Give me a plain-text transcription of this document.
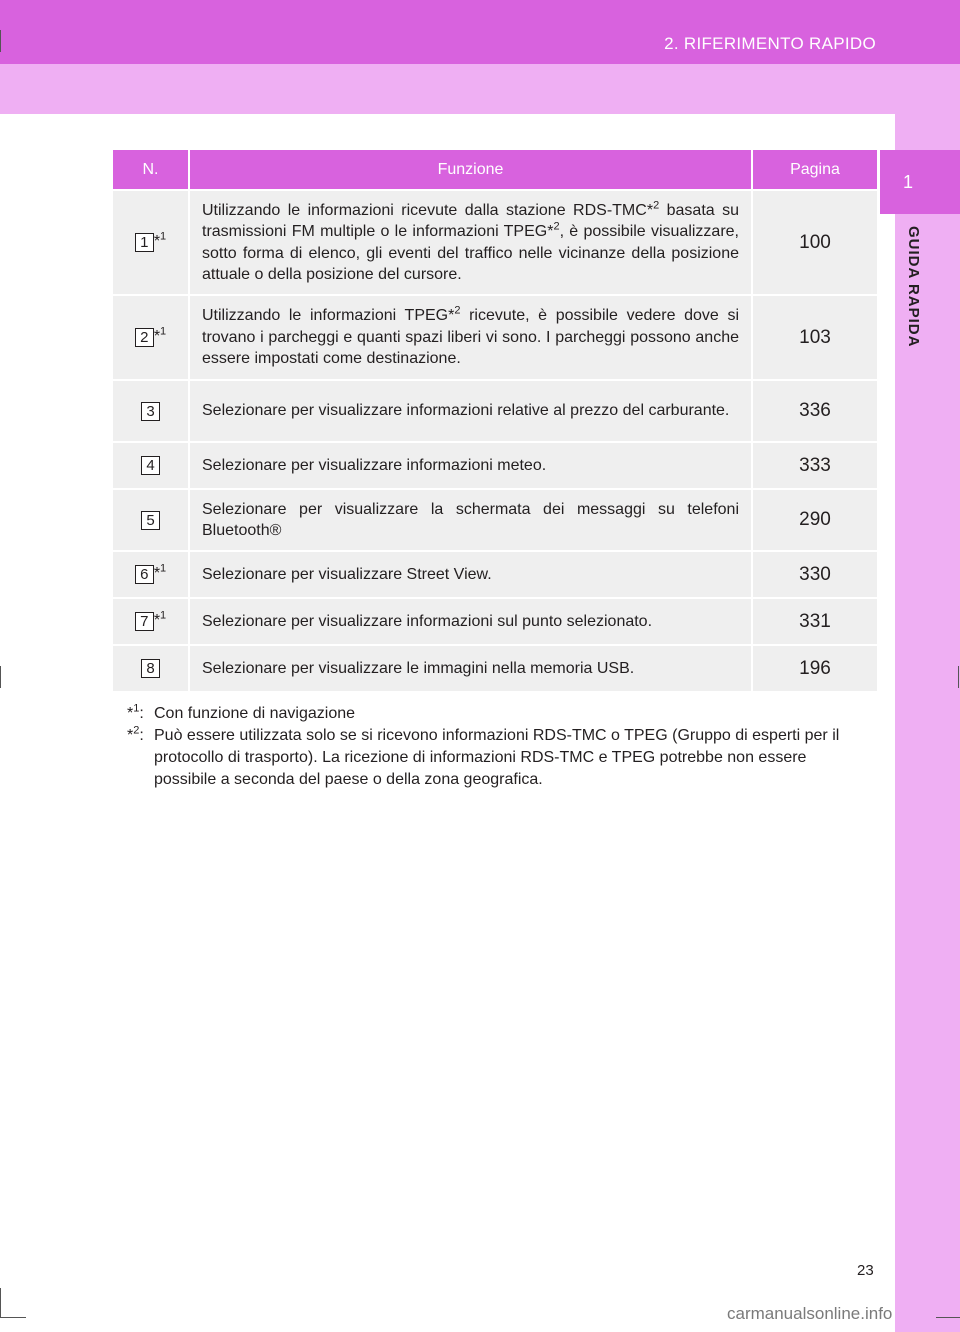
2. RIFERIMENTO RAPIDO
1
GUIDA RAPIDA
N.	Funzione	Pagina
1 *$^1$	Utilizzando le informazioni ricevute dalla stazione RDS-TMC*$^2$ basata su trasmissioni FM multiple o le informazioni TPEG*$^2$, è possibile visualizzare, sotto forma di elenco, gli eventi del traffico nelle vicinanze della posizione attuale o della posizione del cursore.	100
2 *$^1$	Utilizzando le informazioni TPEG*$^2$ ricevute, è possibile vedere dove si trovano i parcheggi e quanti spazi liberi vi sono. I parcheggi possono anche essere impostati come destinazione.	103
3	Selezionare per visualizzare informazioni relative al prezzo del carburante.	336
4	Selezionare per visualizzare informazioni meteo.	333
5	Selezionare per visualizzare la schermata dei messaggi su telefoni Bluetooth®	290
6 *$^1$	Selezionare per visualizzare Street View.	330
7 *$^1$	Selezionare per visualizzare informazioni sul punto selezionato.	331
8	Selezionare per visualizzare le immagini nella memoria USB.	196
*$^1$: Con funzione di navigazione
*$^2$: Può essere utilizzata solo se si ricevono informazioni RDS-TMC o TPEG (Gruppo di esperti per il protocollo di trasporto). La ricezione di informazioni RDS-TMC e TPEG potrebbe non essere possibile a seconda del paese o della zona geografica.
23
carmanualsonline.info
